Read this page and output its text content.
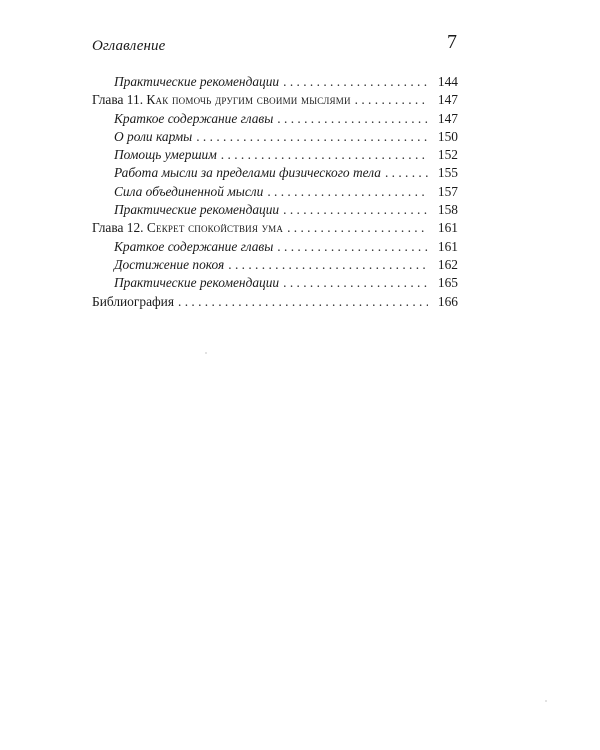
Оглавление	7
Практические рекомендации . . .	144
Глава 11. Как помочь другим своими мыслями . . .	147
Краткое содержание главы . . .	147
О роли кармы . . .	150
Помощь умершим . . .	152
Работа мысли за пределами физического тела . . .	155
Сила объединенной мысли . . .	157
Практические рекомендации . . .	158
Глава 12. Секрет спокойствия ума . . .	161
Краткое содержание главы . . .	161
Достижение покоя . . .	162
Практические рекомендации . . .	165
Библиография . . .	166
